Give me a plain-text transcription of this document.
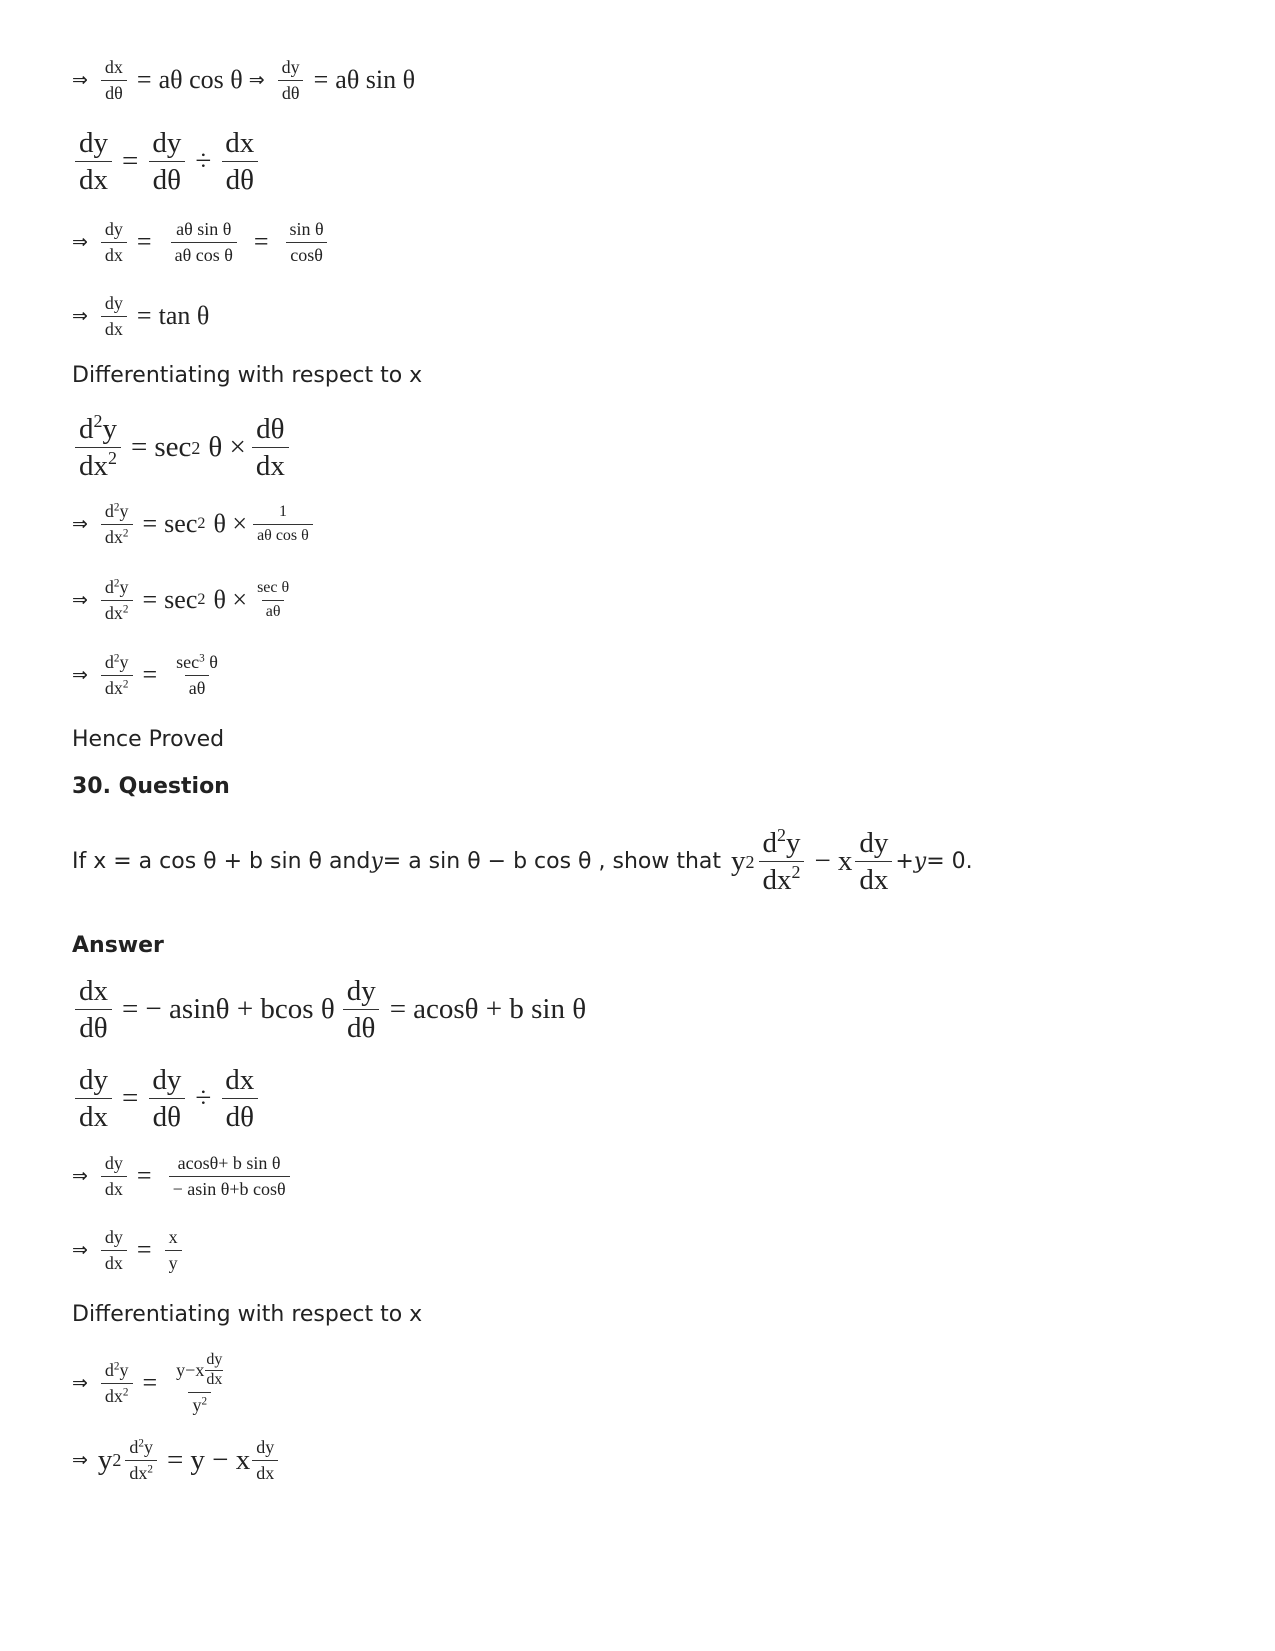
⇒ $\frac{dx}{d\theta} = a\theta$ cos θ ⇒ $\frac{dy}{d\theta} = a\theta$ sin θ
$\frac{dy}{dx} = \frac{dy}{d\theta} \div \frac{dx}{d\theta}$
⇒ $\frac{dy}{dx} = \frac{\text{aθ sin θ}}{\text{aθ cos θ}} = \frac{\text{sin θ}}{\cos\theta}$
⇒ $\frac{dy}{dx} = \tan \theta$
Differentiating with respect to x
$\frac{d^2y}{dx^2} = \sec 2$ $\theta \times \frac{d\theta}{dx}$
⇒ $\frac{d^2y}{dx^2} = \sec 2$ $\theta \times \frac{1}{\text{aθ cos θ}}$
⇒ $\frac{d^2y}{dx^2} = \sec 2$ $\theta \times \frac{\text{sec θ}}{a\theta}$
⇒ $\frac{d^2y}{dx^2} = \frac{\sec^3 \theta}{a\theta}$
Hence Proved
30. Question
If x = a cos θ + b sin θ and y = a sin θ − b cos θ , show that y $2 \frac{d^2y}{dx^2} - x \frac{dy}{dx} + y = 0$.
Answer
$\frac{dx}{d\theta}$ = − asinθ + bcos θ $\frac{dy}{d\theta} = acos\theta + b$ sin θ
$\frac{dy}{dx} = \frac{dy}{d\theta} \div \frac{dx}{d\theta}$
⇒ $\frac{dy}{dx} = \frac{\text{acosθ+ b sin θ}}{\text{− asin θ+b cosθ}}$
⇒ $\frac{dy}{dx} = \frac{x}{y}$
Differentiating with respect to x
⇒ $\frac{d^2y}{dx^2} = \frac{y-x \frac{dy}{dx}}{y^2}$
⇒ y $2 \frac{d^2y}{dx^2} = y - x \frac{dy}{dx}$
